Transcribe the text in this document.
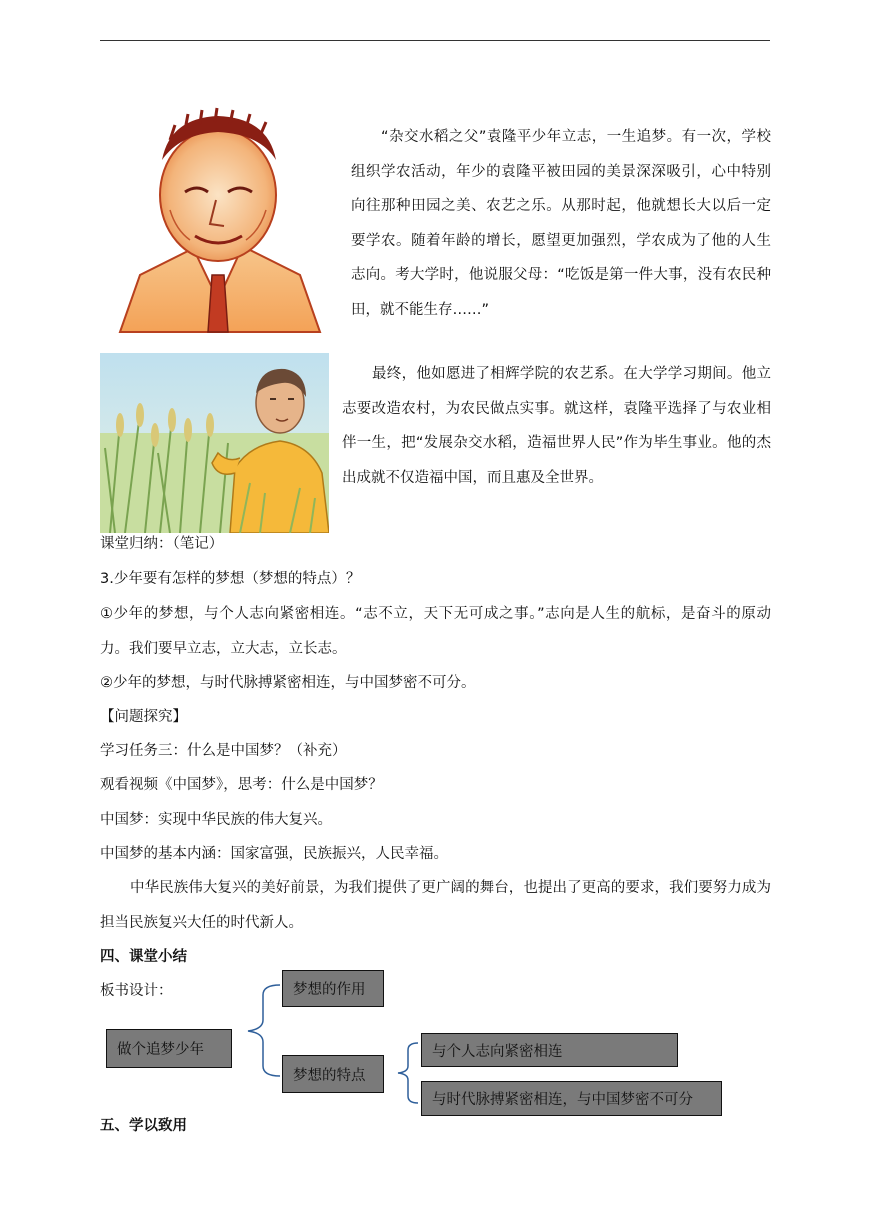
“杂交水稻之父”袁隆平少年立志，一生追梦。有一次，学校组织学农活动，年少的袁隆平被田园的美景深深吸引，心中特别向往那种田园之美、农艺之乐。从那时起，他就想长大以后一定要学农。随着年龄的增长，愿望更加强烈，学农成为了他的人生志向。考大学时，他说服父母：“吃饭是第一件大事，没有农民种田，就不能生存……”
最终，他如愿进了相辉学院的农艺系。在大学学习期间。他立志要改造农村，为农民做点实事。就这样，袁隆平选择了与农业相伴一生，把“发展杂交水稻，造福世界人民”作为毕生事业。他的杰出成就不仅造福中国，而且惠及全世界。
课堂归纳：（笔记）
3.少年要有怎样的梦想（梦想的特点）？
①少年的梦想，与个人志向紧密相连。“志不立，天下无可成之事。”志向是人生的航标，是奋斗的原动力。我们要早立志，立大志，立长志。
②少年的梦想，与时代脉搏紧密相连，与中国梦密不可分。
【问题探究】
学习任务三：什么是中国梦？（补充）
观看视频《中国梦》，思考：什么是中国梦？
中国梦：实现中华民族的伟大复兴。
中国梦的基本内涵：国家富强，民族振兴，人民幸福。
中华民族伟大复兴的美好前景，为我们提供了更广阔的舞台，也提出了更高的要求，我们要努力成为担当民族复兴大任的时代新人。
四、课堂小结
板书设计：
做个追梦少年
梦想的作用
梦想的特点
与个人志向紧密相连
与时代脉搏紧密相连，与中国梦密不可分
五、学以致用
